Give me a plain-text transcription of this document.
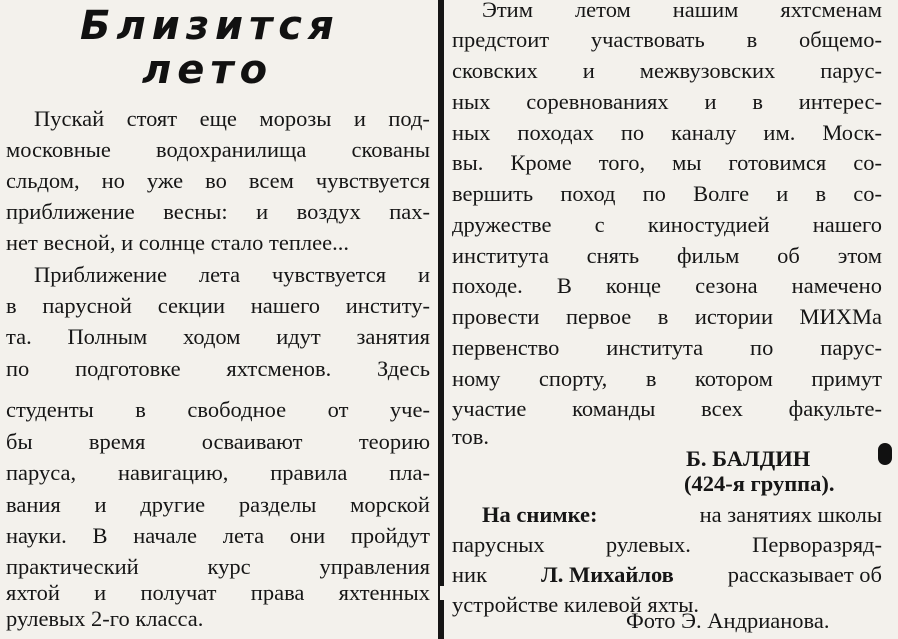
Близится
лето
Пускай стоят еще морозы и под-
московные водохранилища скованы
сльдом, но уже во всем чувствуется
приближение весны: и воздух пах-
нет весной, и солнце стало теплее...
Приближение лета чувствуется и
в парусной секции нашего институ-
та. Полным ходом идут занятия
по подготовке яхтсменов. Здесь
студенты в свободное от уче-
бы	время	осваивают	теорию
паруса, навигацию, правила пла-
вания и другие разделы морской
науки. В начале лета они пройдут
практический	курс	управления
яхтой и получат права яхтенных
рулевых 2-го класса.
Этим летом нашим яхтсменам
предстоит участвовать в общемо-
сковских и межвузовских парус-
ных соревнованиях и в интерес-
ных походах по каналу им. Моск-
вы. Кроме того, мы готовимся со-
вершить поход по Волге и в со-
дружестве с киностудией нашего
института снять фильм об этом
походе. В конце сезона намечено
провести первое в истории МИХМа
первенство института по парус-
ному спорту, в котором примут
участие команды всех факульте-
тов.
Б. БАЛДИН
(424-я группа).
На снимке:	на занятиях школы
парусных	рулевых.	Перворазряд-
ник Л. Михайлов рассказывает об
устройстве килевой яхты.
Фото Э. Андрианова.
